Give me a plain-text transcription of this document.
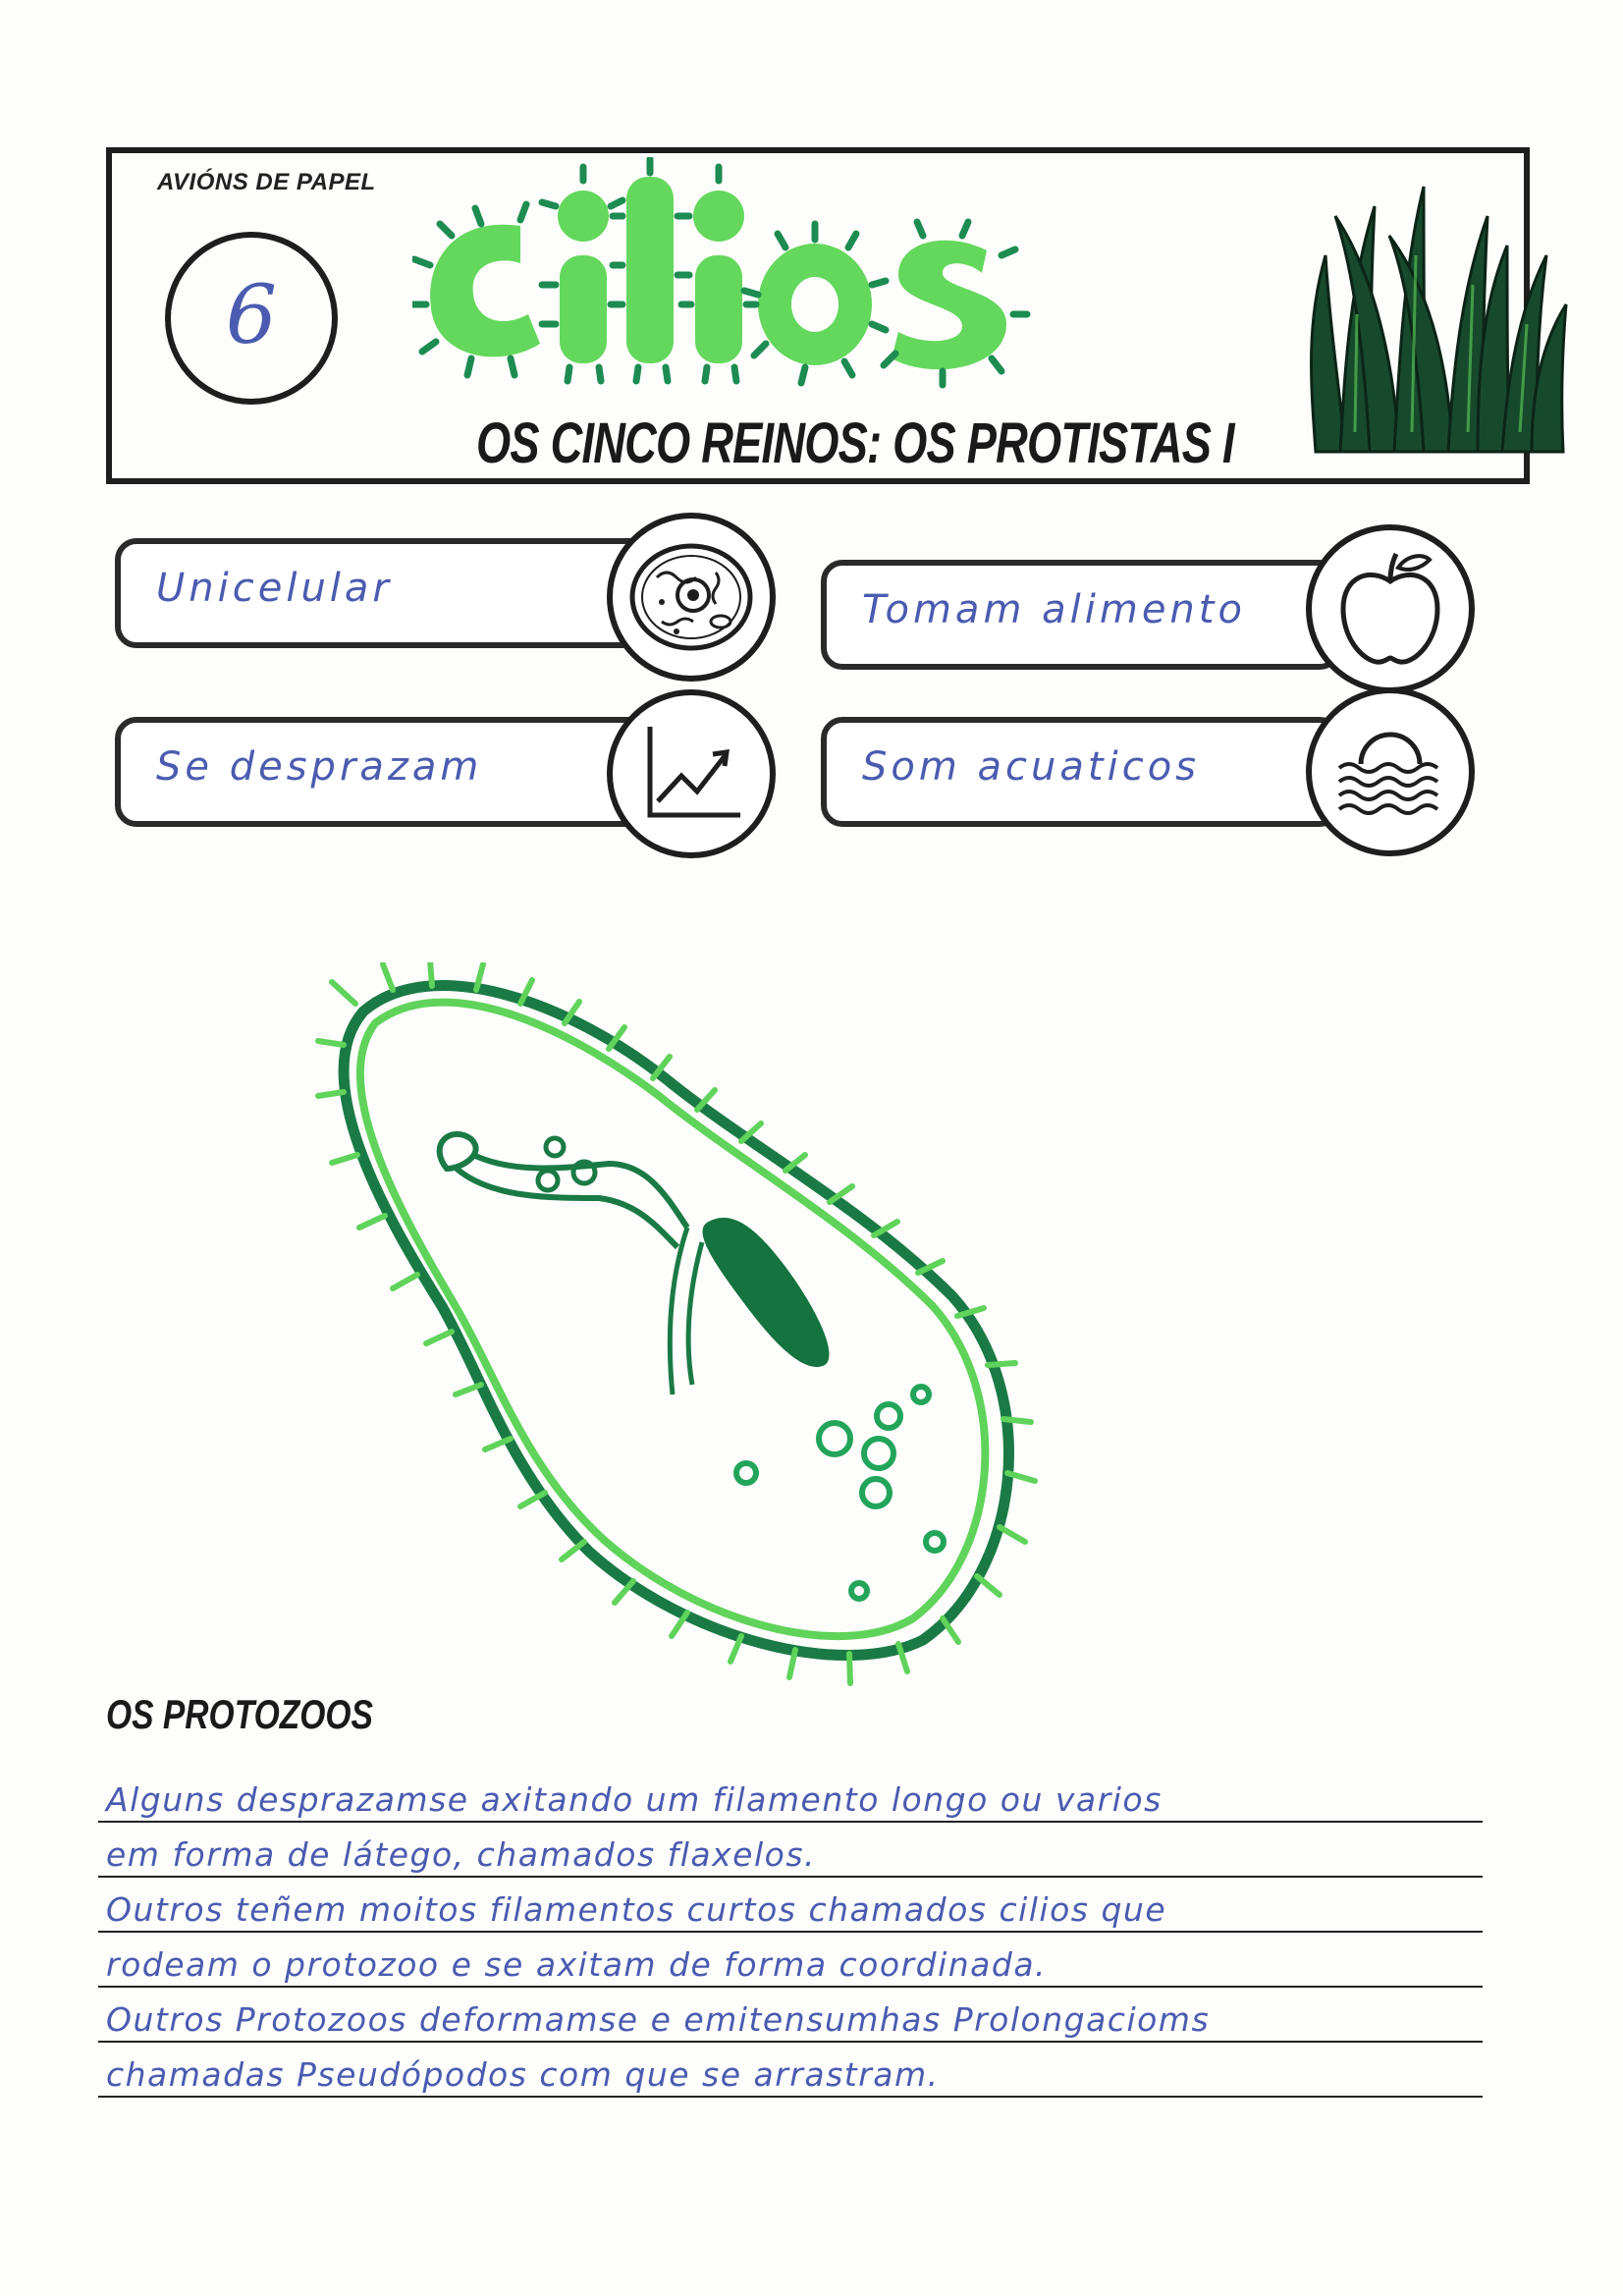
AVIÓNS DE PAPEL
6
OS CINCO REINOS: OS PROTISTAS I
Unicelular	Tomam alimento
Se desprazam	Som acuaticos
OS PROTOZOOS
Alguns desprazamse axitando um filamento longo ou varios
em forma de látego, chamados flaxelos.
Outros teñem moitos filamentos curtos chamados cilios que
rodeam o protozoo e se axitam de forma coordinada.
Outros Protozoos deformamse e emitensumhas Prolongacioms
chamadas Pseudópodos com que se arrastram.
